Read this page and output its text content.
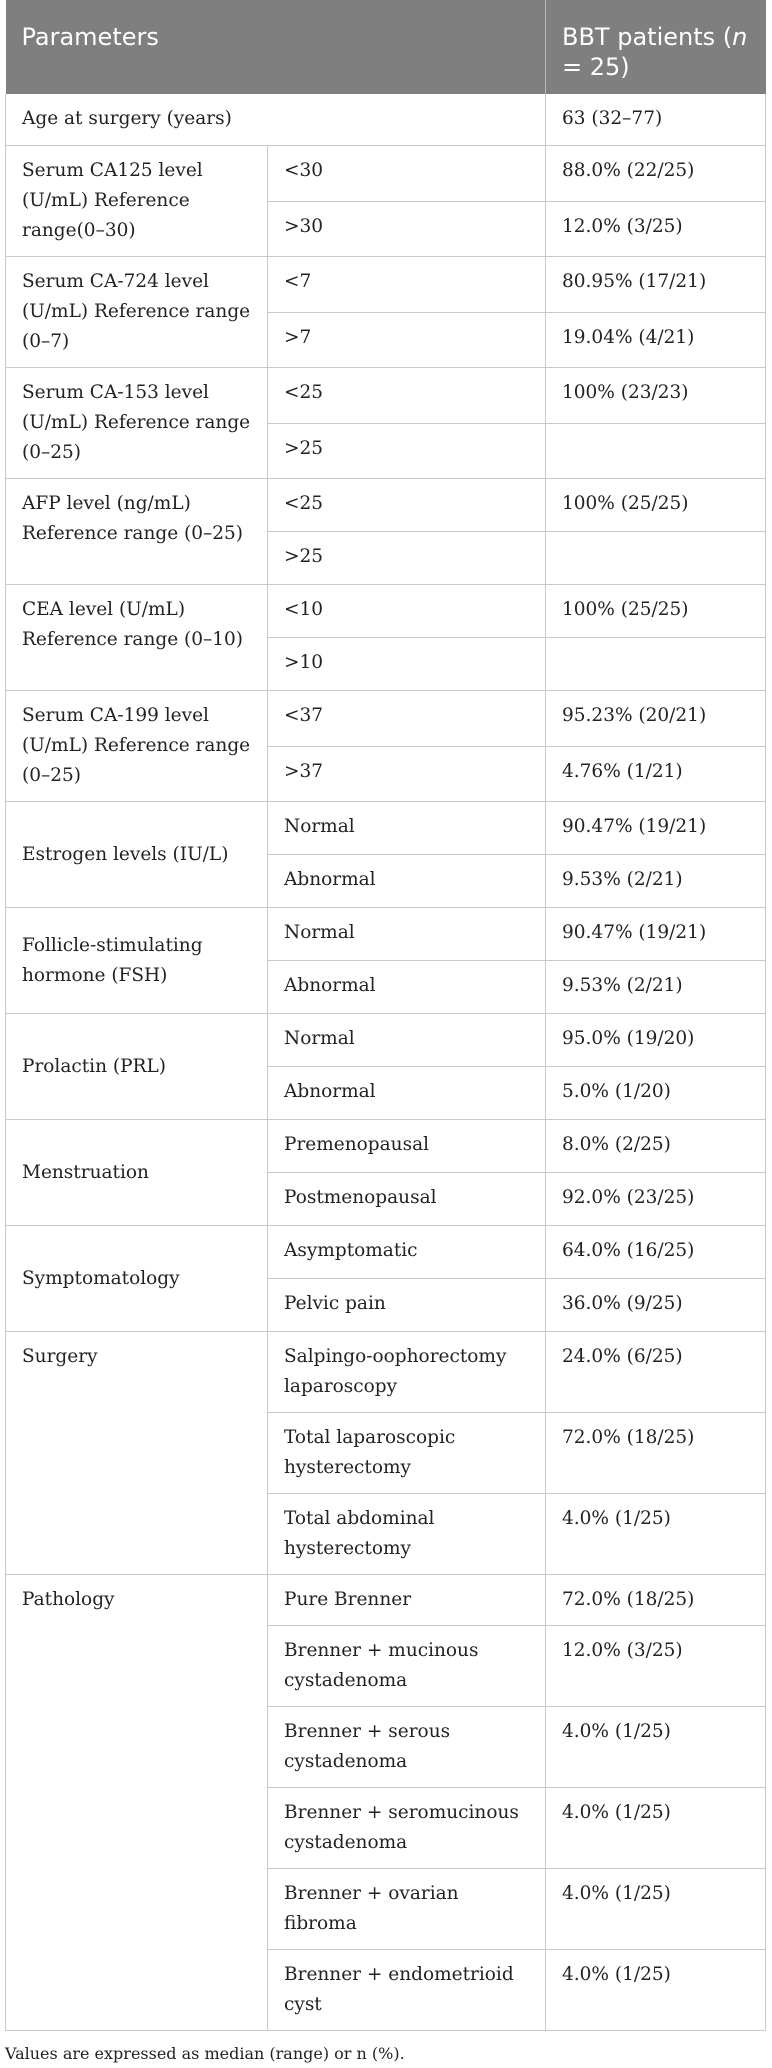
Parameters		BBT patients (n = 25)
Age at surgery (years)		63 (32–77)
Serum CA125 level (U/mL) Reference range(0–30)	<30	88.0% (22/25)
	>30	12.0% (3/25)
Serum CA-724 level (U/mL) Reference range (0–7)	<7	80.95% (17/21)
	>7	19.04% (4/21)
Serum CA-153 level (U/mL) Reference range (0–25)	<25	100% (23/23)
	>25	
AFP level (ng/mL) Reference range (0–25)	<25	100% (25/25)
	>25	
CEA level (U/mL) Reference range (0–10)	<10	100% (25/25)
	>10	
Serum CA-199 level (U/mL) Reference range (0–25)	<37	95.23% (20/21)
	>37	4.76% (1/21)
Estrogen levels (IU/L)	Normal	90.47% (19/21)
	Abnormal	9.53% (2/21)
Follicle-stimulating hormone (FSH)	Normal	90.47% (19/21)
	Abnormal	9.53% (2/21)
Prolactin (PRL)	Normal	95.0% (19/20)
	Abnormal	5.0% (1/20)
Menstruation	Premenopausal	8.0% (2/25)
	Postmenopausal	92.0% (23/25)
Symptomatology	Asymptomatic	64.0% (16/25)
	Pelvic pain	36.0% (9/25)
Surgery	Salpingo-oophorectomy laparoscopy	24.0% (6/25)
	Total laparoscopic hysterectomy	72.0% (18/25)
	Total abdominal hysterectomy	4.0% (1/25)
Pathology	Pure Brenner	72.0% (18/25)
	Brenner + mucinous cystadenoma	12.0% (3/25)
	Brenner + serous cystadenoma	4.0% (1/25)
	Brenner + seromucinous cystadenoma	4.0% (1/25)
	Brenner + ovarian fibroma	4.0% (1/25)
	Brenner + endometrioid cyst	4.0% (1/25)
Values are expressed as median (range) or n (%).
